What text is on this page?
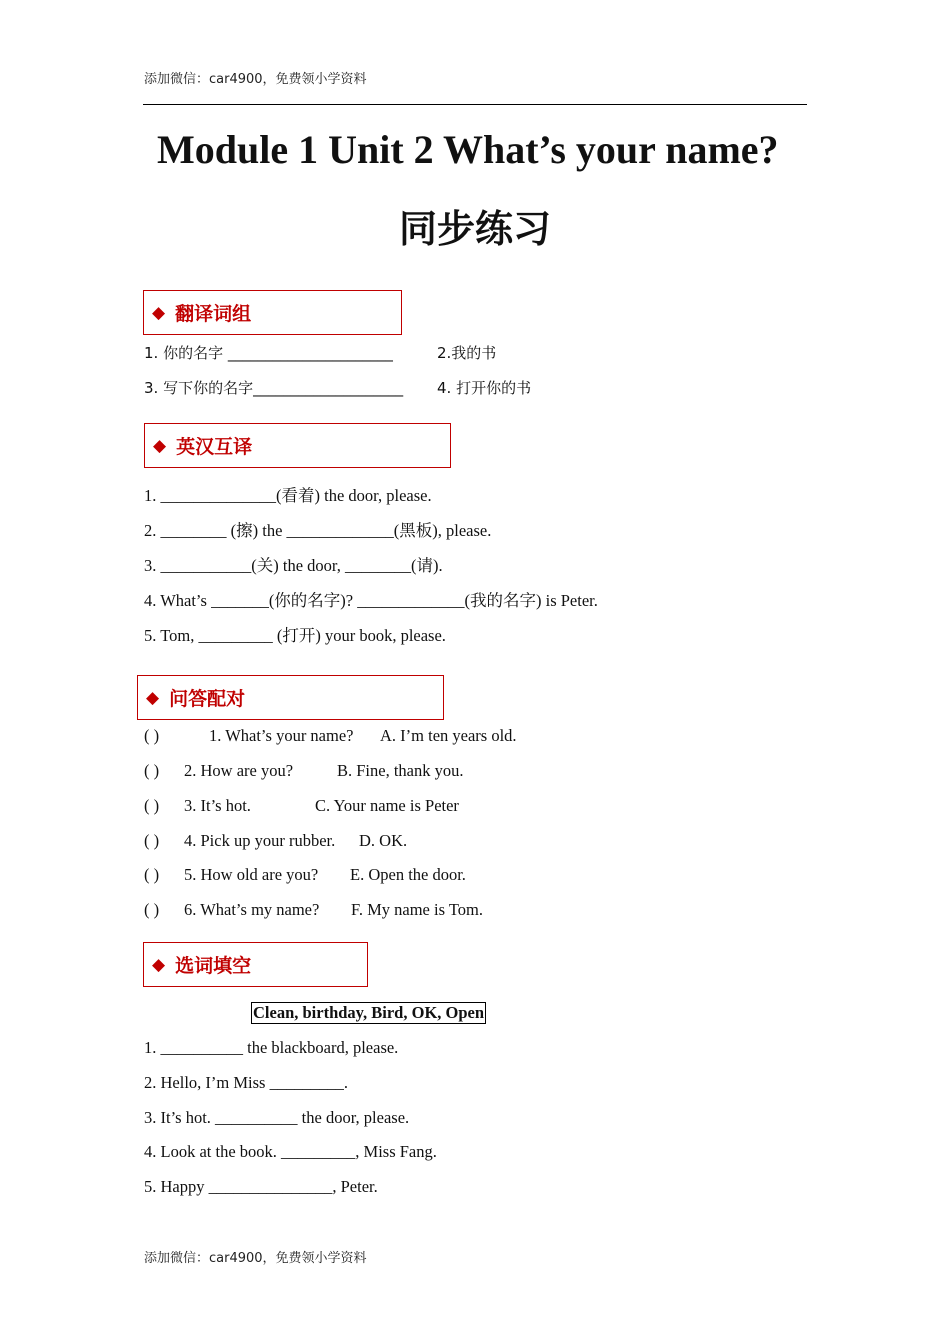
添加微信：car4900，免费领小学资料
Module 1 Unit 2 What’s your name?
同步练习
◆ 翻译词组
1. 你的名字 ______________________	2.我的书
3. 写下你的名字____________________ 4. 打开你的书
◆ 英汉互译
1. ______________(看着) the door, please.
2. ________ (擦) the _____________(黑板), please.
3. ___________(关) the door, ________(请).
4. What’s _______(你的名字)? _____________(我的名字) is Peter.
5. Tom, _________ (打开) your book, please.
◆ 问答配对
( )	1. What’s your name? A. I’m ten years old.
( ) 2. How are you?	B. Fine, thank you.
( ) 3. It’s hot.	C. Your name is Peter
( ) 4. Pick up your rubber. D. OK.
( ) 5. How old are you? E. Open the door.
( ) 6. What’s my name? F. My name is Tom.
◆ 选词填空
Clean, birthday, Bird, OK, Open
1. __________ the blackboard, please.
2. Hello, I’m Miss _________.
3. It’s hot. __________ the door, please.
4. Look at the book. _________, Miss Fang.
5. Happy _______________, Peter.
添加微信：car4900，免费领小学资料
